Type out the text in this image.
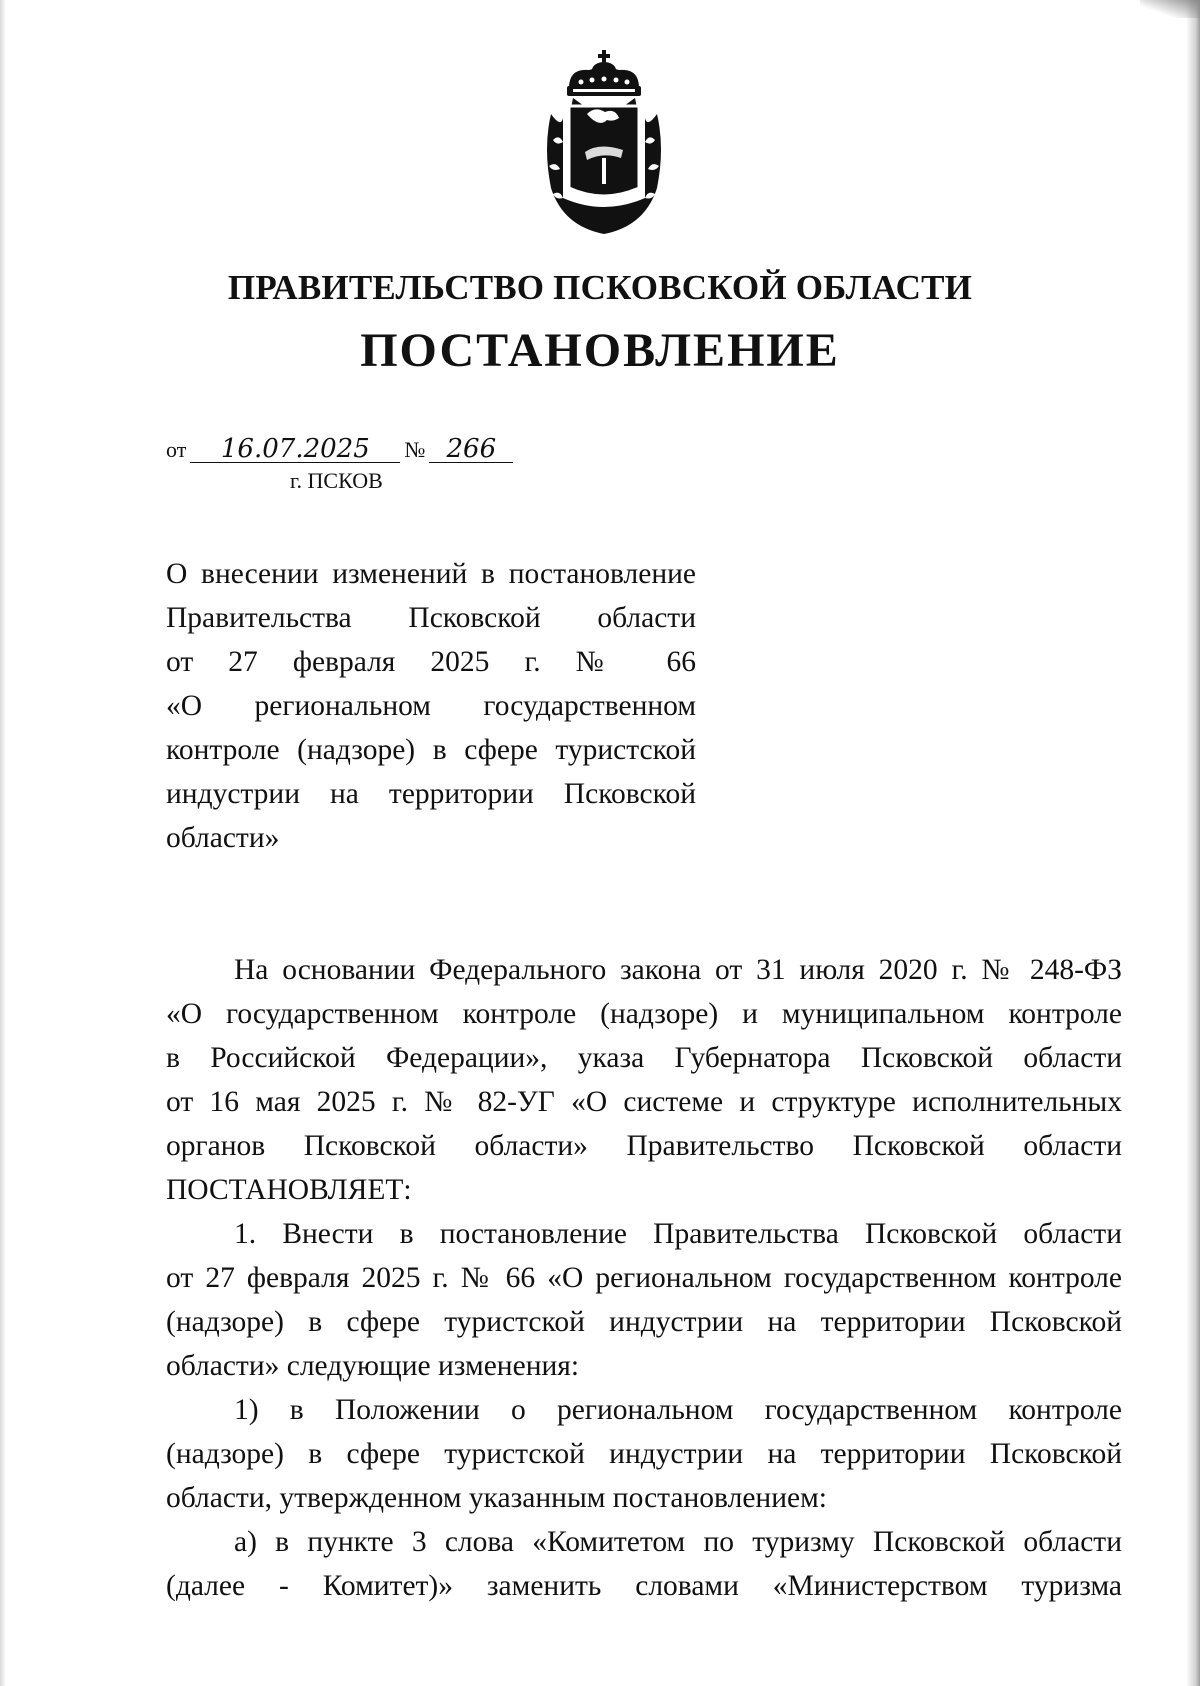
ПРАВИТЕЛЬСТВО ПСКОВСКОЙ ОБЛАСТИ
ПОСТАНОВЛЕНИЕ
от 16.07.2025 № 266
г. ПСКОВ
О внесении изменений в постановление
Правительства Псковской области
от 27 февраля 2025 г. № 66
«О региональном государственном
контроле (надзоре) в сфере туристской
индустрии на территории Псковской
области»
На основании Федерального закона от 31 июля 2020 г. № 248-ФЗ
«О государственном контроле (надзоре) и муниципальном контроле
в Российской Федерации», указа Губернатора Псковской области
от 16 мая 2025 г. № 82-УГ «О системе и структуре исполнительных
органов Псковской области» Правительство Псковской области
ПОСТАНОВЛЯЕТ:
1. Внести в постановление Правительства Псковской области
от 27 февраля 2025 г. № 66 «О региональном государственном контроле
(надзоре) в сфере туристской индустрии на территории Псковской
области» следующие изменения:
1) в Положении о региональном государственном контроле
(надзоре) в сфере туристской индустрии на территории Псковской
области, утвержденном указанным постановлением:
а) в пункте 3 слова «Комитетом по туризму Псковской области
(далее - Комитет)» заменить словами «Министерством туризма
